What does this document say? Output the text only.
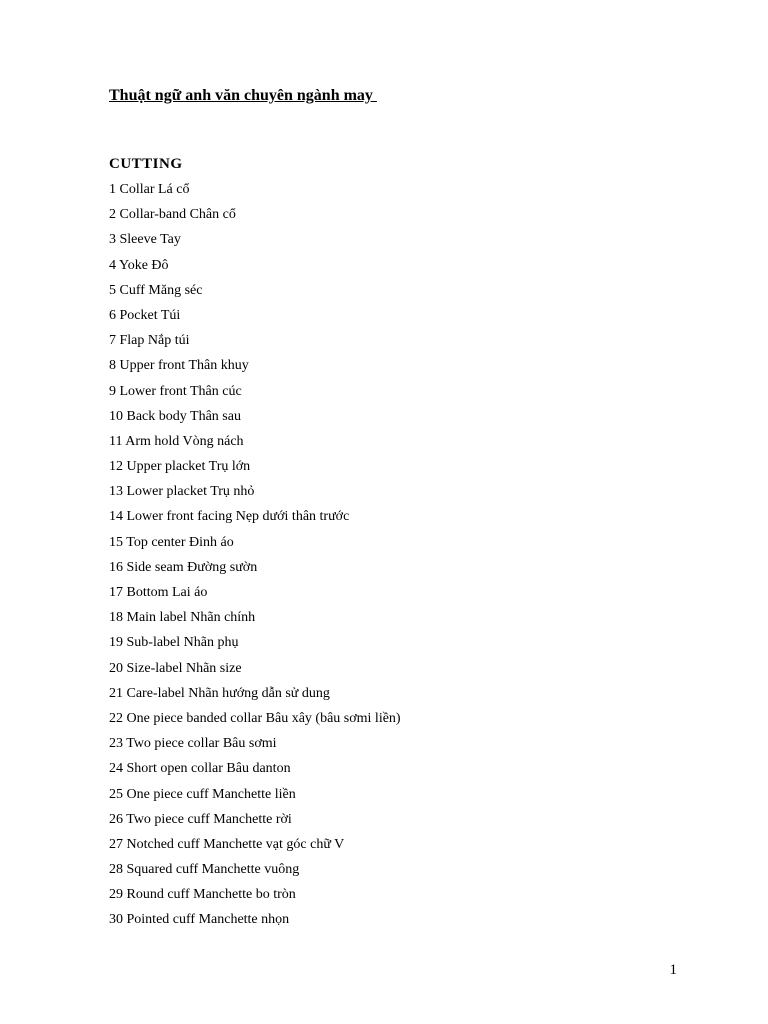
Thuật ngữ anh văn chuyên ngành may
CUTTING
1 Collar Lá cổ
2 Collar-band Chân cổ
3 Sleeve Tay
4 Yoke Đô
5 Cuff Măng séc
6 Pocket Túi
7 Flap Nắp túi
8 Upper front Thân khuy
9 Lower front Thân cúc
10 Back body Thân sau
11 Arm hold Vòng nách
12 Upper placket Trụ lớn
13 Lower placket Trụ nhỏ
14 Lower front facing Nẹp dưới thân trước
15 Top center Đinh áo
16 Side seam Đường sườn
17 Bottom Lai áo
18 Main label Nhãn chính
19 Sub-label Nhãn phụ
20 Size-label Nhãn size
21 Care-label Nhãn hướng dẫn sử dung
22 One piece banded collar Bâu xây (bâu sơmi liền)
23 Two piece collar Bâu sơmi
24 Short open collar Bâu danton
25 One piece cuff Manchette liền
26 Two piece cuff Manchette rời
27 Notched cuff Manchette vạt góc chữ V
28 Squared cuff Manchette vuông
29 Round cuff Manchette bo tròn
30 Pointed cuff Manchette nhọn
1
